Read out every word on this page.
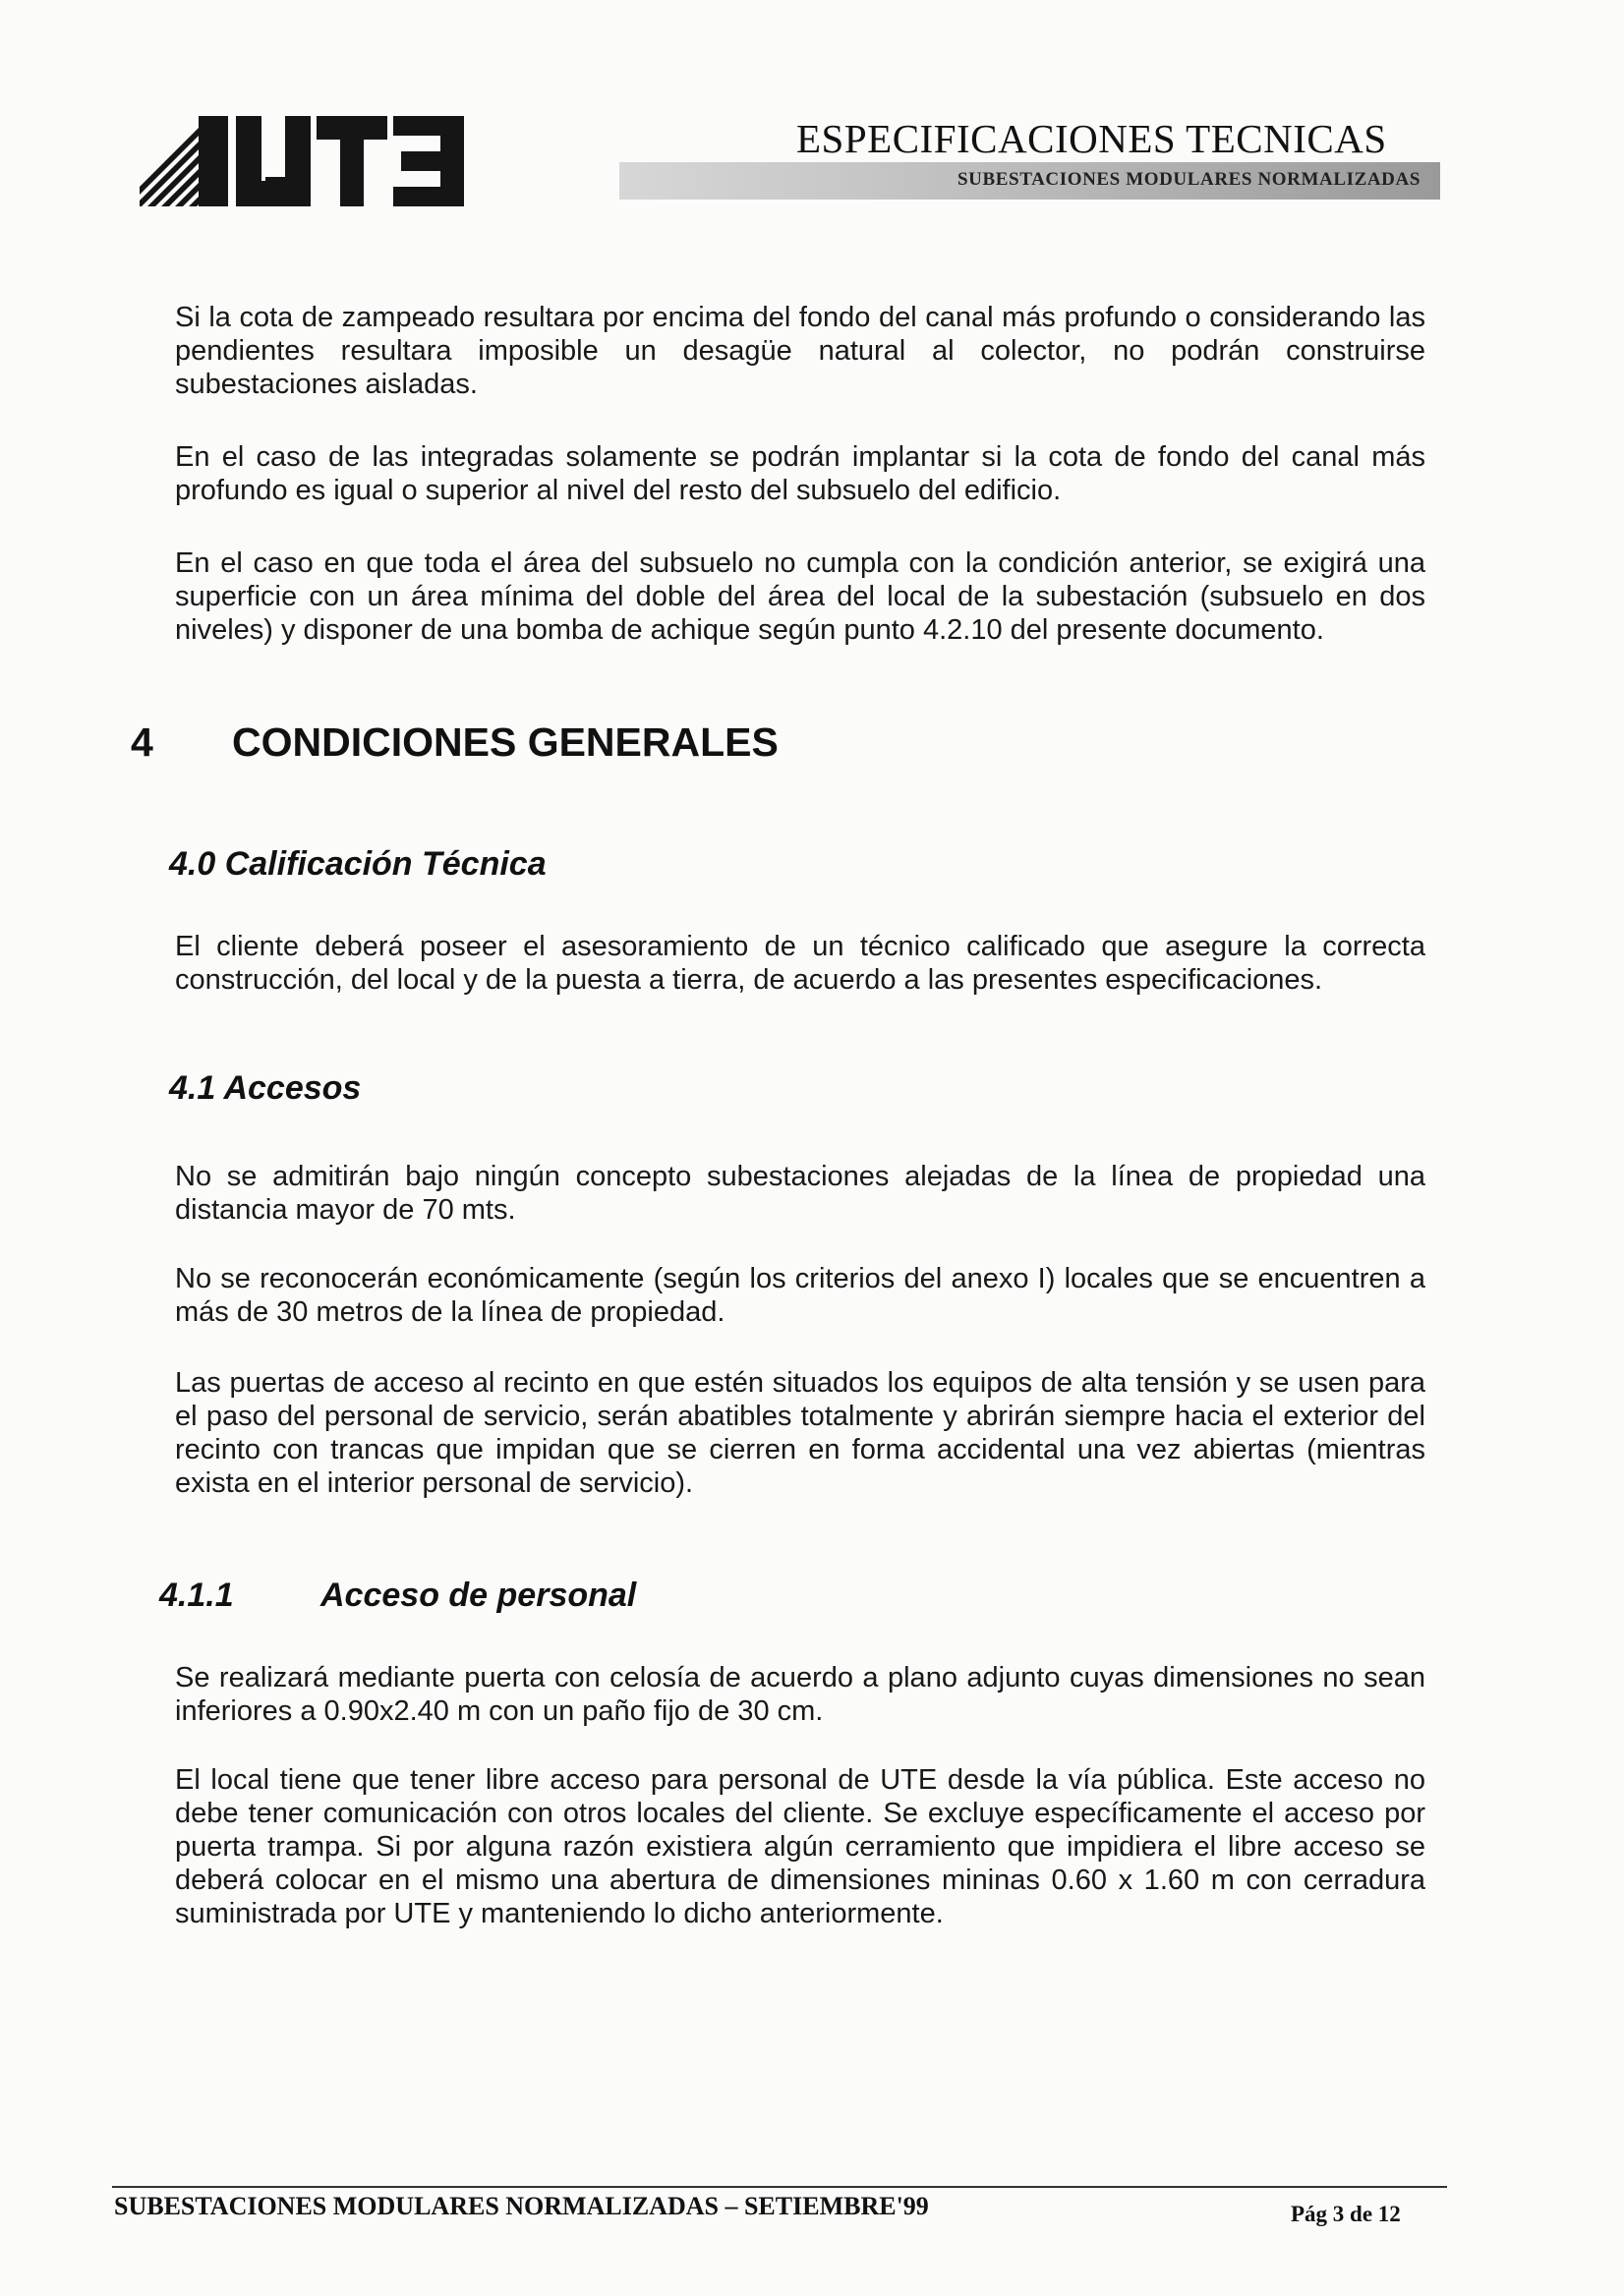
SUBESTACIONES MODULARES NORMALIZADAS
ESPECIFICACIONES TECNICAS

Si la cota de zampeado resultara por encima del fondo del canal más profundo o considerando las pendientes resultara imposible un desagüe natural al colector, no podrán construirse subestaciones aisladas.

En el caso de las integradas solamente se podrán implantar si la cota de fondo del canal más profundo es igual o superior al nivel del resto del subsuelo del edificio.

En el caso en que toda el área del subsuelo no cumpla con la condición anterior, se exigirá una superficie con un área mínima del doble del área del local de la subestación (subsuelo en dos niveles) y disponer de una bomba de achique según punto 4.2.10 del presente documento.

4 CONDICIONES GENERALES
4.0 Calificación Técnica

El cliente deberá poseer el asesoramiento de un técnico calificado que asegure la correcta construcción, del local y de la puesta a tierra, de acuerdo a las presentes especificaciones.

4.1 Accesos

No se admitirán bajo ningún concepto subestaciones alejadas de la línea de propiedad una distancia mayor de 70 mts.

No se reconocerán económicamente (según los criterios del anexo I) locales que se encuentren a más de 30 metros de la línea de propiedad.

Las puertas de acceso al recinto en que estén situados los equipos de alta tensión y se usen para el paso del personal de servicio, serán abatibles totalmente y abrirán siempre hacia el exterior del recinto con trancas que impidan que se cierren en forma accidental una vez abiertas (mientras exista en el interior personal de servicio).

4.1.1	Acceso de personal

Se realizará mediante puerta con celosía de acuerdo a plano adjunto cuyas dimensiones no sean inferiores a 0.90x2.40 m con un paño fijo de 30 cm.

El local tiene que tener libre acceso para personal de UTE desde la vía pública. Este acceso no debe tener comunicación con otros locales del cliente. Se excluye específicamente el acceso por puerta trampa. Si por alguna razón existiera algún cerramiento que impidiera el libre acceso se deberá colocar en el mismo una abertura de dimensiones mininas 0.60 x 1.60 m con cerradura suministrada por UTE y manteniendo lo dicho anteriormente.

SUBESTACIONES MODULARES NORMALIZADAS – SETIEMBRE'99	Pág 3 de 12
